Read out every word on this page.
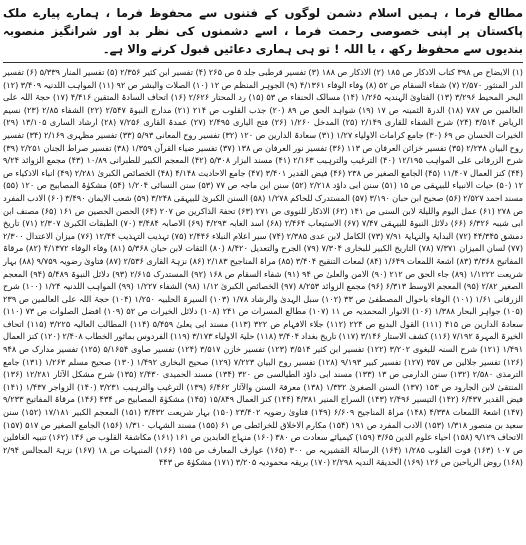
مطالع فرما ، ہمیں اسلام دشمن لوگوں کے فتنوں سے محفوظ فرما ، ہمارے پیارے ملک پاکستان پر اپنی خصوصی رحمت فرما ، اسے دشمنوں کی نظر بد اور شرانگیز منصوبہ بندیوں سے محفوظ رکھ ، یا اللہ ! تو ہی ہماری دعائیں قبول کرنے والا ہے۔

(۱) الایضاح ص ۳۹۸ کتاب الاذکار ص ۱۸۵ (۲) الاذکار ص ۱۸۸ (۳) تفسیر قرطبی جلد ۵ ص ۲۶۵ (۴) تفسیر ابن کثیر ۲/۳۵۶ (۵) تفسیر المنار ۵/۳۳۹ (۶) تفسیر الدر المنثور ۲/۵۷۰ (۷) شفاء السقام ص ۵۲ (۸) وفاء الوفاء ۴/۱۳۶۱ (۹) الجوہر المنظم ص ۱۲ (۱۰) الصلات والبشر ص ۹۲ (۱۱) المواہب اللدنیہ ۳/۴۰۹ (۱۲) البحر المحیط ۳/۲۹۶ (۱۳) الفتاویٰ الہندیہ ۱/۲۶۵ (۱۴) مسالک الحنفاء ص ۵۳ (۱۵) رد المحتار ۲/۶۲۶ (۱۶) اتحاف السادۃ المتقین ۴/۴۱۶ (۱۷) حجۃ اللہ علی العالمین ص ۷۸۷ (۱۸) الدرۃ الثمینہ ص ۱۷ (۱۹) شواہد الحق ص ۸۹ (۲۰) جذب القلوب ص ۲۱۴ (۲۱) مدارج النبوۃ ۲/۵۴۷ (۲۲) الشفاء ۲/۸۵ (۲۳) نسیم الریاض ۳/۵۱۴ (۲۴) شرح الشفاء للقاری ۲/۱۴۹ (۲۵) المدخل ۱/۲۶۰ (۲۶) فتح الباری ۲/۴۹۵ (۲۷) عمدۃ القاری ۷/۲۵۶ (۲۸) ارشاد الساری ۱۳/۱۰۵ (۲۹) الخیرات الحسان ص ۶۹ (۳۰) جامع کرامات الاولیاء ۱/۲۷ (۳۱) سعادۃ الدارین ص ۱۲۰ (۳۲) تفسیر روح المعانی ۵/۹۳ (۳۳) تفسیر مظہری ۲/۱۶۹ (۳۴) تفسیر روح البیان ۲/۲۳۸ (۳۵) تفسیر خزائن العرفان ص ۱۱۳ (۳۶) تفسیر نور العرفان ص ۱۳۸ (۳۷) تفسیر ضیاء القرآن ۱/۳۵۹ (۳۸) تفسیر صراط الجنان ۲/۲۵۱ (۳۹) شرح الزرقانی علی المواہب ۱۲/۱۹۵ (۴۰) الترغیب والترہیب ۲/۱۶۳ (۴۱) مسند البزار ۵/۳۰۸ (۴۲) المعجم الکبیر للطبرانی ۱۰/۸۹ (۴۳) مجمع الزوائد ۹/۲۴ (۴۴) کنز العمال ۱۱/۴۰۷ (۴۵) الجامع الصغیر ص ۲۳۸ (۴۶) فیض القدیر ۳/۴۰۱ (۴۷) جامع الاحادیث ۴/۱۴۸ (۴۸) الخصائص الکبریٰ ۲/۲۸۱ (۴۹) انباء الاذکیاء ص ۱۲ (۵۰) حیات الانبیاء للبیہقی ص ۱۵ (۵۱) سنن ابی داؤد ۲/۲۱۸ (۵۲) سنن ابن ماجہ ص ۷۷ (۵۳) سنن النسائی ۱/۲۰۴ (۵۴) مشکوٰۃ المصابیح ص ۱۲۰ (۵۵) مسند احمد ۲/۵۲۷ (۵۶) صحیح ابن حبان ۳/۱۹۰ (۵۷) المستدرک للحاکم ۱/۲۷۸ (۵۸) السنن الکبریٰ للبیہقی ۳/۲۴۸ (۵۹) شعب الایمان ۳/۴۹۰ (۶۰) الادب المفرد ص ۲۷۸ (۶۱) عمل الیوم واللیلۃ لابن السنی ص ۱۴۱ (۶۲) الاذکار للنووی ص ۲۷۱ (۶۳) تحفۃ الذاکرین ص ۲۰۷ (۶۴) الحصن الحصین ص ۱۶۱ (۶۵) مصنف ابن ابی شیبہ ۶/۳۲۶ (۶۶) دلائل النبوۃ للبیہقی ۷/۴۷ (۶۷) الاستیعاب ۲/۴۶۴ (۶۸) اسد الغابہ ۴/۲۹۳ (۶۹) الاصابہ ۳/۴۸۴ (۷۰) الطبقات الکبریٰ ۲/۳۰۷ (۷۱) تاریخ دمشق ۴۴/۳۴۵ (۷۲) البدایۃ والنہایۃ ۷/۹۱ (۷۳) الکامل لابن عدی ۲/۳۸۵ (۷۴) سیر اعلام النبلاء ۲/۴۴۶ (۷۵) تہذیب التہذیب ۱۲/۴۴ (۷۶) میزان الاعتدال ۲/۳۰۰ (۷۷) لسان المیزان ۷/۳۷۱ (۷۸) التاریخ الکبیر للبخاری ۷/۳۰۴ (۷۹) الجرح والتعدیل ۸/۴۲۰ (۸۰) الثقات لابن حبان ۵/۳۶۸ (۸۱) وفاء الوفاء ۴/۱۳۷۲ (۸۲) مرقاۃ المفاتیح ۳/۳۶۸ (۸۳) اشعۃ اللمعات ۱/۶۴۹ (۸۴) لمعات التنقیح ۳/۴۰۴ (۸۵) مراۃ المناجیح ۲/۱۸۳ (۸۶) نزہۃ القاری ۲/۵۳۶ (۸۷) فتاویٰ رضویہ ۹/۷۵۹ (۸۸) بہار شریعت ۱/۱۲۲۲ (۸۹) جاء الحق ص ۲۱۲ (۹۰) الامن والعلیٰ ص ۹۴ (۹۱) شفاء السقام ص ۱۶۸ (۹۲) المستدرک ۲/۶۱۵ (۹۳) دلائل النبوۃ ۵/۴۸۹ (۹۴) المعجم الصغیر ۲/۸۲ (۹۵) المعجم الاوسط ۶/۳۱۳ (۹۶) مجمع الزوائد ۸/۲۵۳ (۹۷) الخصائص الکبریٰ ۱/۱۲ (۹۸) الشفاء ۱/۲۲۷ (۹۹) المواہب اللدنیہ ۱/۲۴ (۱۰۰) شرح الزرقانی ۱/۶۱ (۱۰۱) الوفاء باحوال المصطفیٰ ص ۳۳ (۱۰۲) سبل الہدیٰ والرشاد ۱/۷۸ (۱۰۳) السیرۃ الحلبیہ ۱/۲۵۰ (۱۰۴) حجۃ اللہ علی العالمین ص ۲۳۹ (۱۰۵) جواہر البحار ۱/۳۸۸ (۱۰۶) الانوار المحمدیہ ص ۱۱ (۱۰۷) مطالع المسرات ص ۲۴۱ (۱۰۸) دلائل الخیرات ص ۵۲ (۱۰۹) افضل الصلوات ص ۷۳ (۱۱۰) سعادۃ الدارین ص ۴۱۵ (۱۱۱) القول البدیع ص ۲۲۴ (۱۱۲) جلاء الافہام ص ۳۲۲ (۱۱۳) مسند ابی یعلیٰ ۵/۴۵۹ (۱۱۴) المطالب العالیہ ۳/۲۲۵ (۱۱۵) اتحاف الخیرۃ المہرۃ ۷/۱۹۲ (۱۱۶) کشف الاستار ۳/۱۴۶ (۱۱۷) تاریخ بغداد ۳/۴۰۴ (۱۱۸) حلیۃ الاولیاء ۳/۱۷۳ (۱۱۹) الفردوس بماثور الخطاب ۲/۴۰۸ (۱۲۰) کنز العمال ۱/۴۹۱ (۱۲۱) شرح السنہ للبغوی ۳/۲۰۲ (۱۲۲) تفسیر ابن کثیر ۳/۵۱۴ (۱۲۳) تفسیر خازن ۳/۵۱۷ (۱۲۴) تفسیر صاوی ۵/۱۶۵۴ (۱۲۵) تفسیر مدارک ص ۹۴۸ (۱۲۶) تفسیر جلالین ص ۳۵۷ (۱۲۷) تفسیر کبیر ۹/۱۹۳ (۱۲۸) تفسیر روح البیان ۷/۲۲۳ (۱۲۹) صحیح البخاری ۱/۴۹۲ (۱۳۰) صحیح مسلم ۱/۲۶۳ (۱۳۱) جامع الترمذی ۲/۵۸۰ (۱۳۲) سنن الدارمی ص ۱۳ (۱۳۳) مسند ابی داؤد الطیالسی ص ۳۲۰ (۱۳۴) مسند الحمیدی ۲/۴۳۰ (۱۳۵) شرح مشکل الآثار ۱۲/۲۸۱ (۱۳۶) المنتقیٰ لابن الجارود ص ۱۵۳ (۱۳۷) السنن الصغریٰ ۱/۳۳۲ (۱۳۸) معرفۃ السنن والآثار ۶/۴۶۲ (۱۳۹) الترغیب والترہیب ۳/۲۳۱ (۱۴۰) الزواجر ۱/۴۳۷ (۱۴۱) فیض القدیر ۶/۴۳۷ (۱۴۲) التیسیر ۲/۴۹۶ (۱۴۳) السراج المنیر ۴/۳۸۱ (۱۴۴) کنز العمال ۱۵/۸۴۹ (۱۴۵) مشکوٰۃ المصابیح ص ۴۳۴ (۱۴۶) مرقاۃ المفاتیح ۹/۲۳۳ (۱۴۷) اشعۃ اللمعات ۴/۳۳۸ (۱۴۸) مراۃ المناجیح ۶/۶۰۹ (۱۴۹) فتاویٰ رضویہ ۲۳/۴۰۲ (۱۵۰) بہار شریعت ۳/۴۳۲ (۱۵۱) المعجم الکبیر ۱۷/۱۸۱ (۱۵۲) سنن سعید بن منصور ۱/۳۱۸ (۱۵۳) الادب المفرد ص ۱۹۱ (۱۵۴) مکارم الاخلاق للخرائطی ص ۶۱ (۱۵۵) مسند الشہاب ۱/۳۱۰ (۱۵۶) الجامع الصغیر ص ۵۱۷ (۱۵۷) الاتحاف ۹/۱۲۹ (۱۵۸) احیاء علوم الدین ۳/۶۵ (۱۵۹) کیمیائے سعادت ص ۳۸۰ (۱۶۰) منہاج العابدین ص ۱۶۱ (۱۶۱) مکاشفۃ القلوب ص ۱۴۶ (۱۶۲) تنبیہ الغافلین ص ۱۰۷ (۱۶۳) قوت القلوب ۱/۲۸۵ (۱۶۴) الرسالۃ القشیریہ ص ۳۰۰ (۱۶۵) عوارف المعارف ص ۱۵۵ (۱۶۶) المنبہات ص ۱۸ (۱۶۷) نزہۃ المجالس ۲/۹۴ (۱۶۸) روض الریاحین ص ۱۲۶ (۱۶۹) الحدیقۃ الندیہ ۲/۲۹۸ (۱۷۰) بریقہ محمودیہ ۳/۲۰۵ (۱۷۱) مشکوٰۃ ص ۴۴۳
